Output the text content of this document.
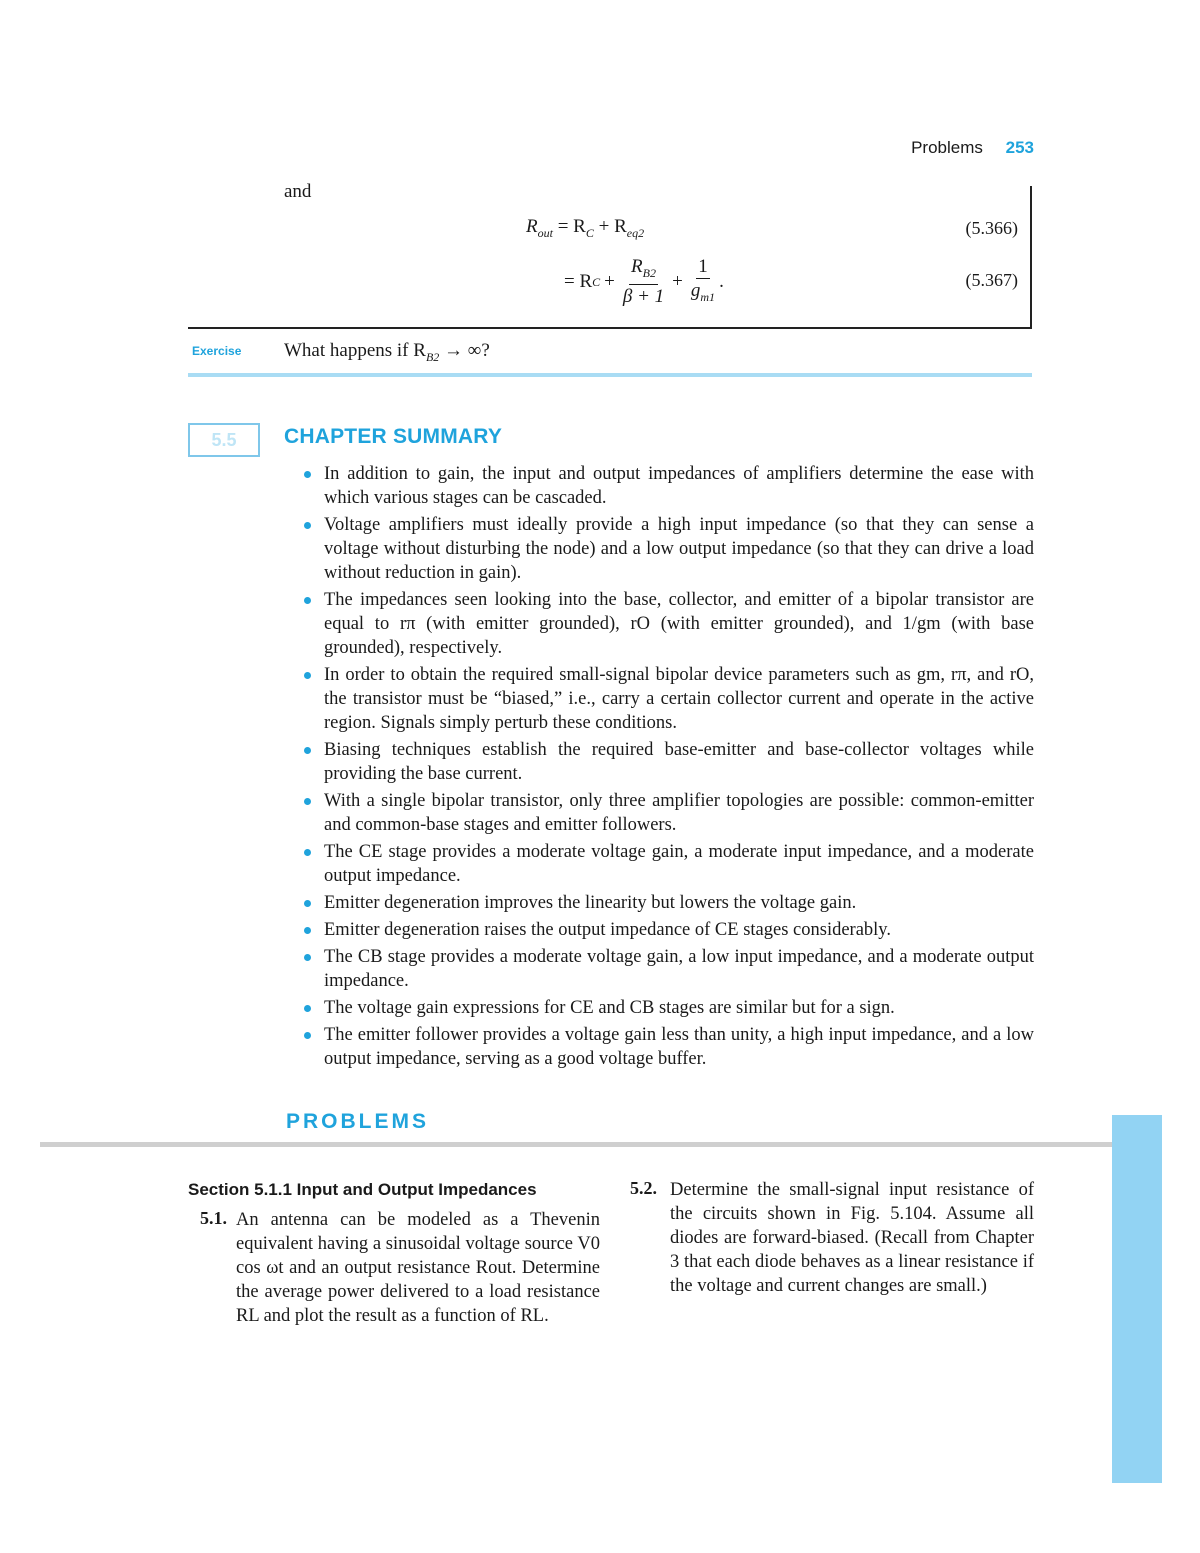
Problems 253
and
$R_{out} = R_C + R_{eq2}$	(5.366)
= R $C + \frac{R_{B2}}{\beta + 1} + \frac{1}{g_{m1}}$ .	(5.367)
Exercise What happens if $R_{B2}$ → ∞?
5.5	CHAPTER SUMMARY
In addition to gain, the input and output impedances of amplifiers determine the ease with which various stages can be cascaded.
Voltage amplifiers must ideally provide a high input impedance (so that they can sense a voltage without disturbing the node) and a low output impedance (so that they can drive a load without reduction in gain).
The impedances seen looking into the base, collector, and emitter of a bipolar transistor are equal to rπ (with emitter grounded), rO (with emitter grounded), and 1/gm (with base grounded), respectively.
In order to obtain the required small-signal bipolar device parameters such as gm, rπ, and rO, the transistor must be “biased,” i.e., carry a certain collector current and operate in the active region. Signals simply perturb these conditions.
Biasing techniques establish the required base-emitter and base-collector voltages while providing the base current.
With a single bipolar transistor, only three amplifier topologies are possible: common-emitter and common-base stages and emitter followers.
The CE stage provides a moderate voltage gain, a moderate input impedance, and a moderate output impedance.
Emitter degeneration improves the linearity but lowers the voltage gain.
Emitter degeneration raises the output impedance of CE stages considerably.
The CB stage provides a moderate voltage gain, a low input impedance, and a moderate output impedance.
The voltage gain expressions for CE and CB stages are similar but for a sign.
The emitter follower provides a voltage gain less than unity, a high input impedance, and a low output impedance, serving as a good voltage buffer.
PROBLEMS
Section 5.1.1 Input and Output Impedances
5.1. An antenna can be modeled as a Thevenin equivalent having a sinusoidal voltage source V0 cos ωt and an output resistance Rout. Determine the average power delivered to a load resistance RL and plot the result as a function of RL.
5.2. Determine the small-signal input resistance of the circuits shown in Fig. 5.104. Assume all diodes are forward-biased. (Recall from Chapter 3 that each diode behaves as a linear resistance if the voltage and current changes are small.)
